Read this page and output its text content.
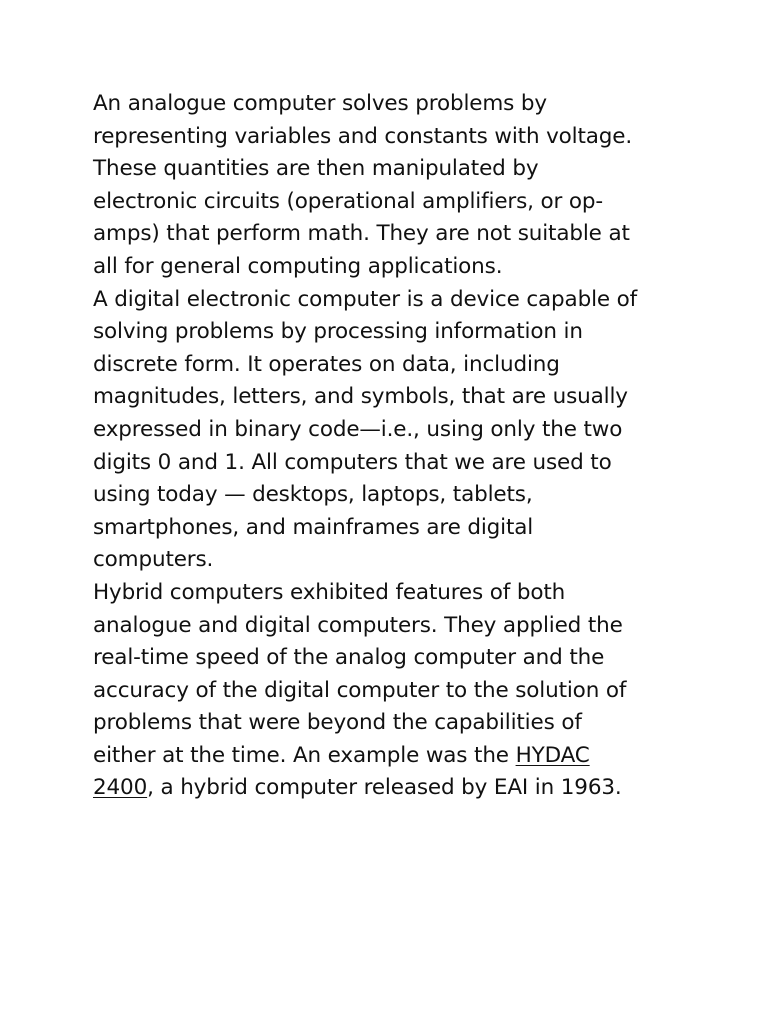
An analogue computer solves problems by
representing variables and constants with voltage.
These quantities are then manipulated by
electronic circuits (operational amplifiers, or op-
amps) that perform math. They are not suitable at
all for general computing applications.

A digital electronic computer is a device capable of
solving problems by processing information in
discrete form. It operates on data, including
magnitudes, letters, and symbols, that are usually
expressed in binary code—i.e., using only the two
digits 0 and 1. All computers that we are used to
using today — desktops, laptops, tablets,
smartphones, and mainframes are digital
computers.

Hybrid computers exhibited features of both
analogue and digital computers. They applied the
real-time speed of the analog computer and the
accuracy of the digital computer to the solution of
problems that were beyond the capabilities of
either at the time. An example was the HYDAC
2400, a hybrid computer released by EAI in 1963.
